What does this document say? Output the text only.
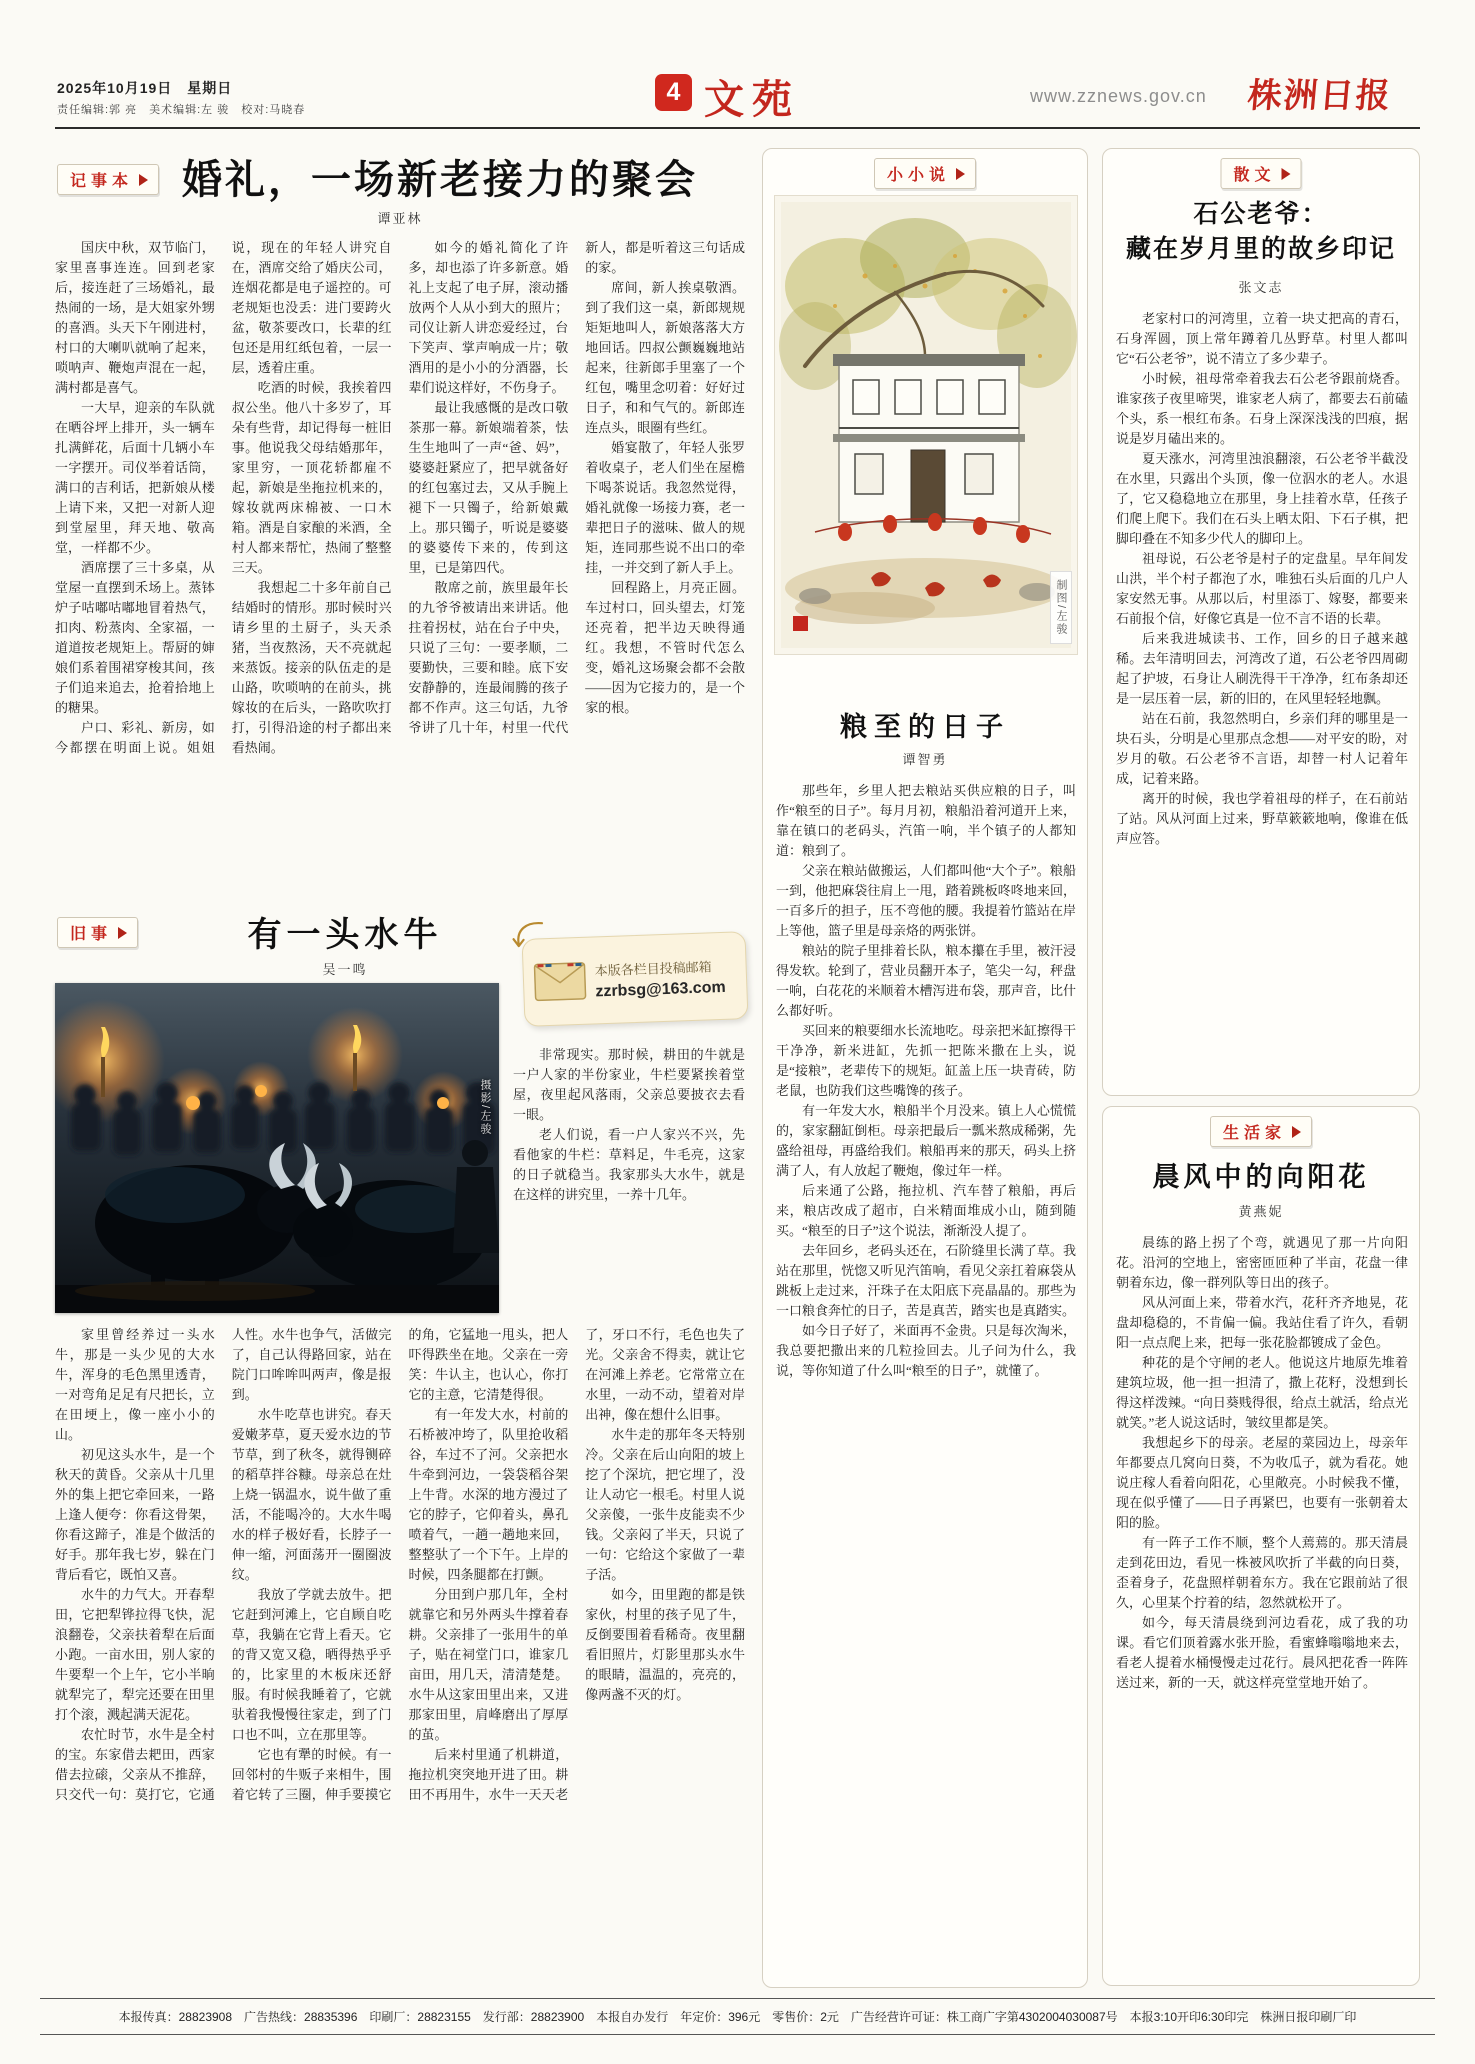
2025年10月19日　星期日
责任编辑:郭 亮　美术编辑:左 骏　校对:马晓春
4 文苑	www.zznews.gov.cn 株洲日报
记事本	婚礼，一场新老接力的聚会
谭亚林

国庆中秋，双节临门，家里喜事连连。回到老家后，接连赶了三场婚礼，最热闹的一场，是大姐家外甥的喜酒。头天下午刚进村，村口的大喇叭就响了起来，唢呐声、鞭炮声混在一起，满村都是喜气。

一大早，迎亲的车队就在晒谷坪上排开，头一辆车扎满鲜花，后面十几辆小车一字摆开。司仪举着话筒，满口的吉利话，把新娘从楼上请下来，又把一对新人迎到堂屋里，拜天地、敬高堂，一样都不少。

酒席摆了三十多桌，从堂屋一直摆到禾场上。蒸钵炉子咕嘟咕嘟地冒着热气，扣肉、粉蒸肉、全家福，一道道按老规矩上。帮厨的婶娘们系着围裙穿梭其间，孩子们追来追去，抢着拾地上的糖果。

户口、彩礼、新房，如今都摆在明面上说。姐姐说，现在的年轻人讲究自在，酒席交给了婚庆公司，连烟花都是电子遥控的。可老规矩也没丢：进门要跨火盆，敬茶要改口，长辈的红包还是用红纸包着，一层一层，透着庄重。

吃酒的时候，我挨着四叔公坐。他八十多岁了，耳朵有些背，却记得每一桩旧事。他说我父母结婚那年，家里穷，一顶花轿都雇不起，新娘是坐拖拉机来的，嫁妆就两床棉被、一口木箱。酒是自家酿的米酒，全村人都来帮忙，热闹了整整三天。

我想起二十多年前自己结婚时的情形。那时候时兴请乡里的土厨子，头天杀猪，当夜熬汤，天不亮就起来蒸饭。接亲的队伍走的是山路，吹唢呐的在前头，挑嫁妆的在后头，一路吹吹打打，引得沿途的村子都出来看热闹。

如今的婚礼简化了许多，却也添了许多新意。婚礼上支起了电子屏，滚动播放两个人从小到大的照片；司仪让新人讲恋爱经过，台下笑声、掌声响成一片；敬酒用的是小小的分酒器，长辈们说这样好，不伤身子。

最让我感慨的是改口敬茶那一幕。新娘端着茶，怯生生地叫了一声“爸、妈”，婆婆赶紧应了，把早就备好的红包塞过去，又从手腕上褪下一只镯子，给新娘戴上。那只镯子，听说是婆婆的婆婆传下来的，传到这里，已是第四代。

散席之前，族里最年长的九爷爷被请出来讲话。他拄着拐杖，站在台子中央，只说了三句：一要孝顺，二要勤快，三要和睦。底下安安静静的，连最闹腾的孩子都不作声。这三句话，九爷爷讲了几十年，村里一代代新人，都是听着这三句话成的家。

席间，新人挨桌敬酒。到了我们这一桌，新郎规规矩矩地叫人，新娘落落大方地回话。四叔公颤巍巍地站起来，往新郎手里塞了一个红包，嘴里念叨着：好好过日子，和和气气的。新郎连连点头，眼圈有些红。

婚宴散了，年轻人张罗着收桌子，老人们坐在屋檐下喝茶说话。我忽然觉得，婚礼就像一场接力赛，老一辈把日子的滋味、做人的规矩，连同那些说不出口的牵挂，一并交到了新人手上。

回程路上，月亮正圆。车过村口，回头望去，灯笼还亮着，把半边天映得通红。我想，不管时代怎么变，婚礼这场聚会都不会散——因为它接力的，是一个家的根。

旧事	有一头水牛
吴一鸣
摄影/左骏
本版各栏目投稿邮箱
zzrbsg@163.com

非常现实。那时候，耕田的牛就是一户人家的半份家业，牛栏要紧挨着堂屋，夜里起风落雨，父亲总要披衣去看一眼。

老人们说，看一户人家兴不兴，先看他家的牛栏：草料足，牛毛亮，这家的日子就稳当。我家那头大水牛，就是在这样的讲究里，一养十几年。

家里曾经养过一头水牛，那是一头少见的大水牛，浑身的毛色黑里透青，一对弯角足足有尺把长，立在田埂上，像一座小小的山。

初见这头水牛，是一个秋天的黄昏。父亲从十几里外的集上把它牵回来，一路上逢人便夸：你看这骨架，你看这蹄子，准是个做活的好手。那年我七岁，躲在门背后看它，既怕又喜。

水牛的力气大。开春犁田，它把犁铧拉得飞快，泥浪翻卷，父亲扶着犁在后面小跑。一亩水田，别人家的牛要犁一个上午，它小半晌就犁完了，犁完还要在田里打个滚，溅起满天泥花。

农忙时节，水牛是全村的宝。东家借去耙田，西家借去拉磙，父亲从不推辞，只交代一句：莫打它，它通人性。水牛也争气，活做完了，自己认得路回家，站在院门口哞哞叫两声，像是报到。

水牛吃草也讲究。春天爱嫩茅草，夏天爱水边的节节草，到了秋冬，就得铡碎的稻草拌谷糠。母亲总在灶上烧一锅温水，说牛做了重活，不能喝冷的。大水牛喝水的样子极好看，长脖子一伸一缩，河面荡开一圈圈波纹。

我放了学就去放牛。把它赶到河滩上，它自顾自吃草，我躺在它背上看天。它的背又宽又稳，晒得热乎乎的，比家里的木板床还舒服。有时候我睡着了，它就驮着我慢慢往家走，到了门口也不叫，立在那里等。

它也有犟的时候。有一回邻村的牛贩子来相牛，围着它转了三圈，伸手要摸它的角，它猛地一甩头，把人吓得跌坐在地。父亲在一旁笑：牛认主，也认心，你打它的主意，它清楚得很。

有一年发大水，村前的石桥被冲垮了，队里抢收稻谷，车过不了河。父亲把水牛牵到河边，一袋袋稻谷架上牛背。水深的地方漫过了它的脖子，它仰着头，鼻孔喷着气，一趟一趟地来回，整整驮了一个下午。上岸的时候，四条腿都在打颤。

分田到户那几年，全村就靠它和另外两头牛撑着春耕。父亲排了一张用牛的单子，贴在祠堂门口，谁家几亩田，用几天，清清楚楚。水牛从这家田里出来，又进那家田里，肩峰磨出了厚厚的茧。

后来村里通了机耕道，拖拉机突突地开进了田。耕田不再用牛，水牛一天天老了，牙口不行，毛色也失了光。父亲舍不得卖，就让它在河滩上养老。它常常立在水里，一动不动，望着对岸出神，像在想什么旧事。

水牛走的那年冬天特别冷。父亲在后山向阳的坡上挖了个深坑，把它埋了，没让人动它一根毛。村里人说父亲傻，一张牛皮能卖不少钱。父亲闷了半天，只说了一句：它给这个家做了一辈子活。

如今，田里跑的都是铁家伙，村里的孩子见了牛，反倒要围着看稀奇。夜里翻看旧照片，灯影里那头水牛的眼睛，温温的，亮亮的，像两盏不灭的灯。

小小说
制图/左骏
粮至的日子
谭智勇

那些年，乡里人把去粮站买供应粮的日子，叫作“粮至的日子”。每月月初，粮船沿着河道开上来，靠在镇口的老码头，汽笛一响，半个镇子的人都知道：粮到了。

父亲在粮站做搬运，人们都叫他“大个子”。粮船一到，他把麻袋往肩上一甩，踏着跳板咚咚地来回，一百多斤的担子，压不弯他的腰。我提着竹篮站在岸上等他，篮子里是母亲烙的两张饼。

粮站的院子里排着长队，粮本攥在手里，被汗浸得发软。轮到了，营业员翻开本子，笔尖一勾，秤盘一响，白花花的米顺着木槽泻进布袋，那声音，比什么都好听。

买回来的粮要细水长流地吃。母亲把米缸擦得干干净净，新米进缸，先抓一把陈米撒在上头，说是“接粮”，老辈传下的规矩。缸盖上压一块青砖，防老鼠，也防我们这些嘴馋的孩子。

有一年发大水，粮船半个月没来。镇上人心慌慌的，家家翻缸倒柜。母亲把最后一瓢米熬成稀粥，先盛给祖母，再盛给我们。粮船再来的那天，码头上挤满了人，有人放起了鞭炮，像过年一样。

后来通了公路，拖拉机、汽车替了粮船，再后来，粮店改成了超市，白米精面堆成小山，随到随买。“粮至的日子”这个说法，渐渐没人提了。

去年回乡，老码头还在，石阶缝里长满了草。我站在那里，恍惚又听见汽笛响，看见父亲扛着麻袋从跳板上走过来，汗珠子在太阳底下亮晶晶的。那些为一口粮食奔忙的日子，苦是真苦，踏实也是真踏实。

如今日子好了，米面再不金贵。只是每次淘米，我总要把撒出来的几粒捡回去。儿子问为什么，我说，等你知道了什么叫“粮至的日子”，就懂了。

散文
石公老爷：
藏在岁月里的故乡印记
张文志

老家村口的河湾里，立着一块丈把高的青石，石身浑圆，顶上常年蹲着几丛野草。村里人都叫它“石公老爷”，说不清立了多少辈子。

小时候，祖母常牵着我去石公老爷跟前烧香。谁家孩子夜里啼哭，谁家老人病了，都要去石前磕个头，系一根红布条。石身上深深浅浅的凹痕，据说是岁月磕出来的。

夏天涨水，河湾里浊浪翻滚，石公老爷半截没在水里，只露出个头顶，像一位泅水的老人。水退了，它又稳稳地立在那里，身上挂着水草，任孩子们爬上爬下。我们在石头上晒太阳、下石子棋，把脚印叠在不知多少代人的脚印上。

祖母说，石公老爷是村子的定盘星。早年间发山洪，半个村子都泡了水，唯独石头后面的几户人家安然无事。从那以后，村里添丁、嫁娶，都要来石前报个信，好像它真是一位不言不语的长辈。

后来我进城读书、工作，回乡的日子越来越稀。去年清明回去，河湾改了道，石公老爷四周砌起了护坡，石身让人刷洗得干干净净，红布条却还是一层压着一层，新的旧的，在风里轻轻地飘。

站在石前，我忽然明白，乡亲们拜的哪里是一块石头，分明是心里那点念想——对平安的盼，对岁月的敬。石公老爷不言语，却替一村人记着年成，记着来路。

离开的时候，我也学着祖母的样子，在石前站了站。风从河面上过来，野草簌簌地响，像谁在低声应答。

生活家
晨风中的向阳花
黄燕妮

晨练的路上拐了个弯，就遇见了那一片向阳花。沿河的空地上，密密匝匝种了半亩，花盘一律朝着东边，像一群列队等日出的孩子。

风从河面上来，带着水汽，花秆齐齐地晃，花盘却稳稳的，不肯偏一偏。我站住看了许久，看朝阳一点点爬上来，把每一张花脸都镀成了金色。

种花的是个守闸的老人。他说这片地原先堆着建筑垃圾，他一担一担清了，撒上花籽，没想到长得这样泼辣。“向日葵贱得很，给点土就活，给点光就笑。”老人说这话时，皱纹里都是笑。

我想起乡下的母亲。老屋的菜园边上，母亲年年都要点几窝向日葵，不为收瓜子，就为看花。她说庄稼人看着向阳花，心里敞亮。小时候我不懂，现在似乎懂了——日子再紧巴，也要有一张朝着太阳的脸。

有一阵子工作不顺，整个人蔫蔫的。那天清晨走到花田边，看见一株被风吹折了半截的向日葵，歪着身子，花盘照样朝着东方。我在它跟前站了很久，心里某个拧着的结，忽然就松开了。

如今，每天清晨绕到河边看花，成了我的功课。看它们顶着露水张开脸，看蜜蜂嗡嗡地来去，看老人提着水桶慢慢走过花行。晨风把花香一阵阵送过来，新的一天，就这样亮堂堂地开始了。

本报传真：28823908　广告热线：28835396　印刷厂：28823155　发行部：28823900　本报自办发行　年定价：396元　零售价：2元　广告经营许可证：株工商广字第4302004030087号　本报3:10开印6:30印完　株洲日报印刷厂印
